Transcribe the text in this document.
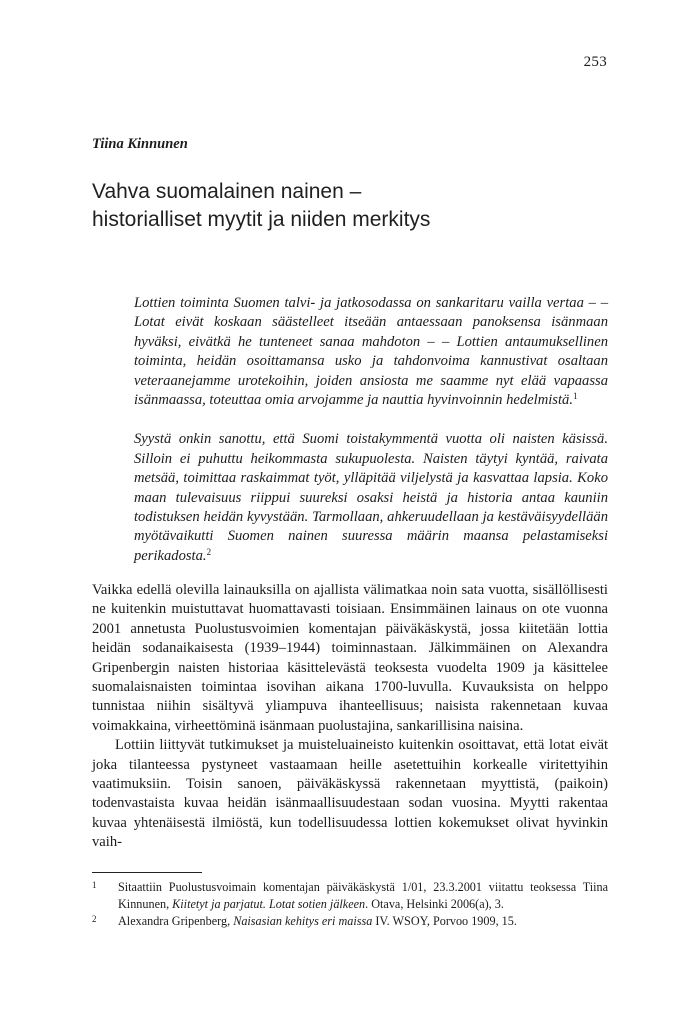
253
Tiina Kinnunen
Vahva suomalainen nainen –
historialliset myytit ja niiden merkitys

Lottien toiminta Suomen talvi- ja jatkosodassa on sankaritaru vailla vertaa – – Lotat eivät koskaan säästelleet itseään antaessaan panoksensa isänmaan hyväksi, eivätkä he tunteneet sanaa mahdoton – – Lottien antaumuksellinen toiminta, heidän osoittamansa usko ja tahdonvoima kannustivat osaltaan veteraanejamme urotekoihin, joiden ansiosta me saamme nyt elää vapaassa isänmaassa, toteuttaa omia arvojamme ja nauttia hyvinvoinnin hedelmistä.$^1$

Syystä onkin sanottu, että Suomi toistakymmentä vuotta oli naisten käsissä. Silloin ei puhuttu heikommasta sukupuolesta. Naisten täytyi kyntää, raivata metsää, toimittaa raskaimmat työt, ylläpitää viljelystä ja kasvattaa lapsia. Koko maan tulevaisuus riippui suureksi osaksi heistä ja historia antaa kauniin todistuksen heidän kyvystään. Tarmollaan, ahkeruudellaan ja kestäväisyydellään myötävaikutti Suomen nainen suuressa määrin maansa pelastamiseksi perikadosta.$^2$

Vaikka edellä olevilla lainauksilla on ajallista välimatkaa noin sata vuotta, sisällöllisesti ne kuitenkin muistuttavat huomattavasti toisiaan. Ensimmäinen lainaus on ote vuonna 2001 annetusta Puolustusvoimien komentajan päiväkäskystä, jossa kiitetään lottia heidän sodanaikaisesta (1939–1944) toiminnastaan. Jälkimmäinen on Alexandra Gripenbergin naisten historiaa käsittelevästä teoksesta vuodelta 1909 ja käsittelee suomalaisnaisten toimintaa isovihan aikana 1700-luvulla. Kuvauksista on helppo tunnistaa niihin sisältyvä yliampuva ihanteellisuus; naisista rakennetaan kuvaa voimakkaina, virheettöminä isänmaan puolustajina, sankarillisina naisina.

Lottiin liittyvät tutkimukset ja muisteluaineisto kuitenkin osoittavat, että lotat eivät joka tilanteessa pystyneet vastaamaan heille asetettuihin korkealle viritettyihin vaatimuksiin. Toisin sanoen, päiväkäskyssä rakennetaan myyttistä, (paikoin) todenvastaista kuvaa heidän isänmaallisuudestaan sodan vuosina. Myytti rakentaa kuvaa yhtenäisestä ilmiöstä, kun todellisuudessa lottien kokemukset olivat hyvinkin vaih-

1 Sitaattiin Puolustusvoimain komentajan päiväkäskystä 1/01, 23.3.2001 viitattu teoksessa Tiina Kinnunen, Kiitetyt ja parjatut. Lotat sotien jälkeen. Otava, Helsinki 2006(a), 3.
2 Alexandra Gripenberg, Naisasian kehitys eri maissa IV. WSOY, Porvoo 1909, 15.
